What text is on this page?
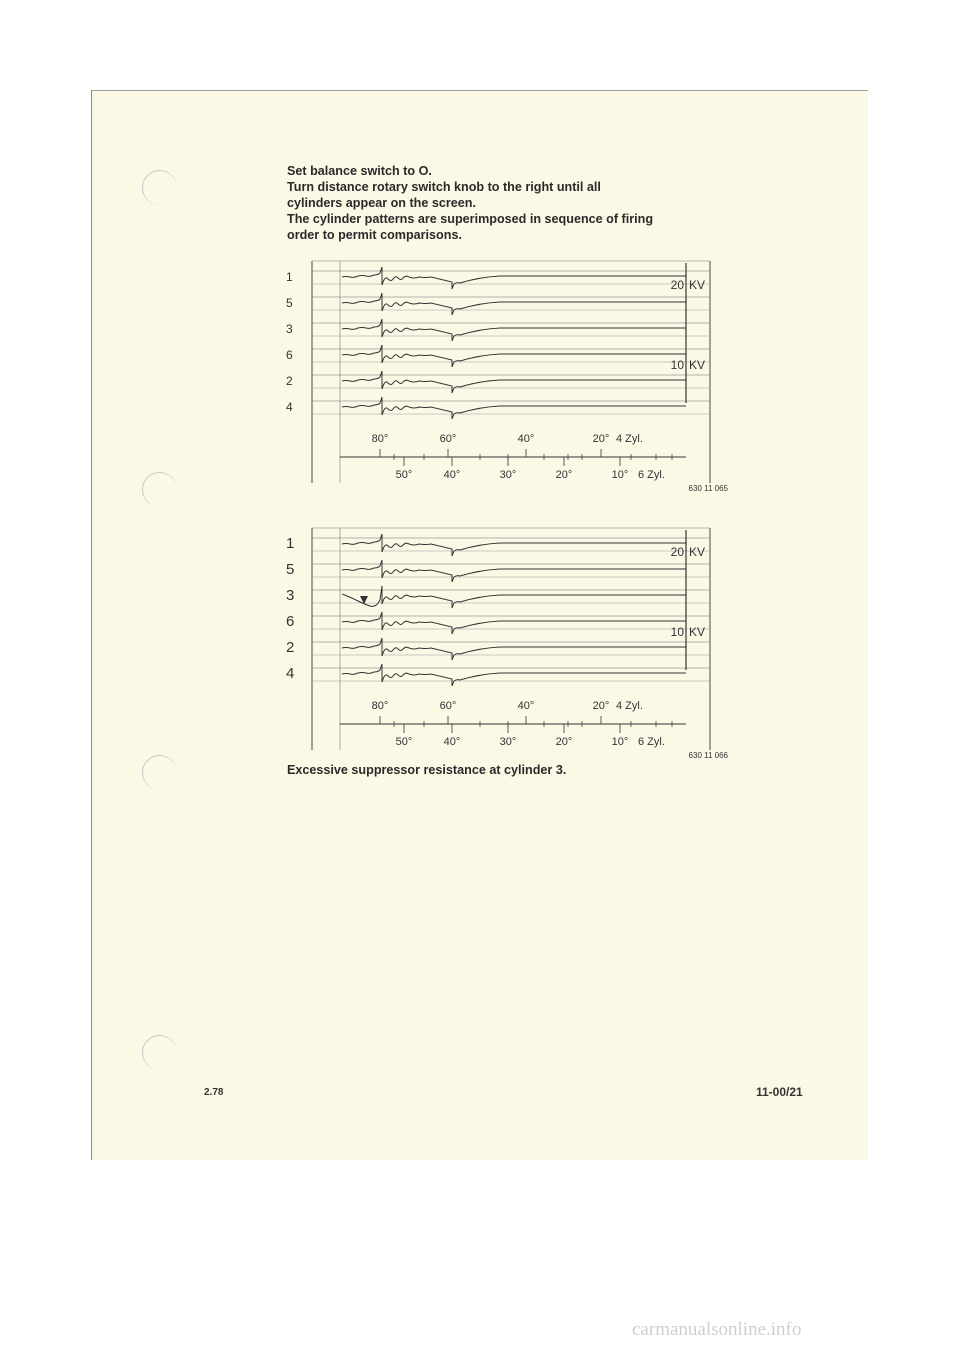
Set balance switch to O.
Turn distance rotary switch knob to the right until all
cylinders appear on the screen.
The cylinder patterns are superimposed in sequence of firing
order to permit comparisons.
1
5
3
6
2
4
20 KV
10 KV
80°	60°	40°	20° 4 Zyl.
50°	40°	30°	20°	10° 6 Zyl.
630 11 065
1
5
3
6
2
4
20 KV
10 KV
80°	60°	40°	20° 4 Zyl.
50°	40°	30°	20°	10° 6 Zyl.
630 11 066
Excessive suppressor resistance at cylinder 3.
2.78	11-00/21
carmanualsonline.info
